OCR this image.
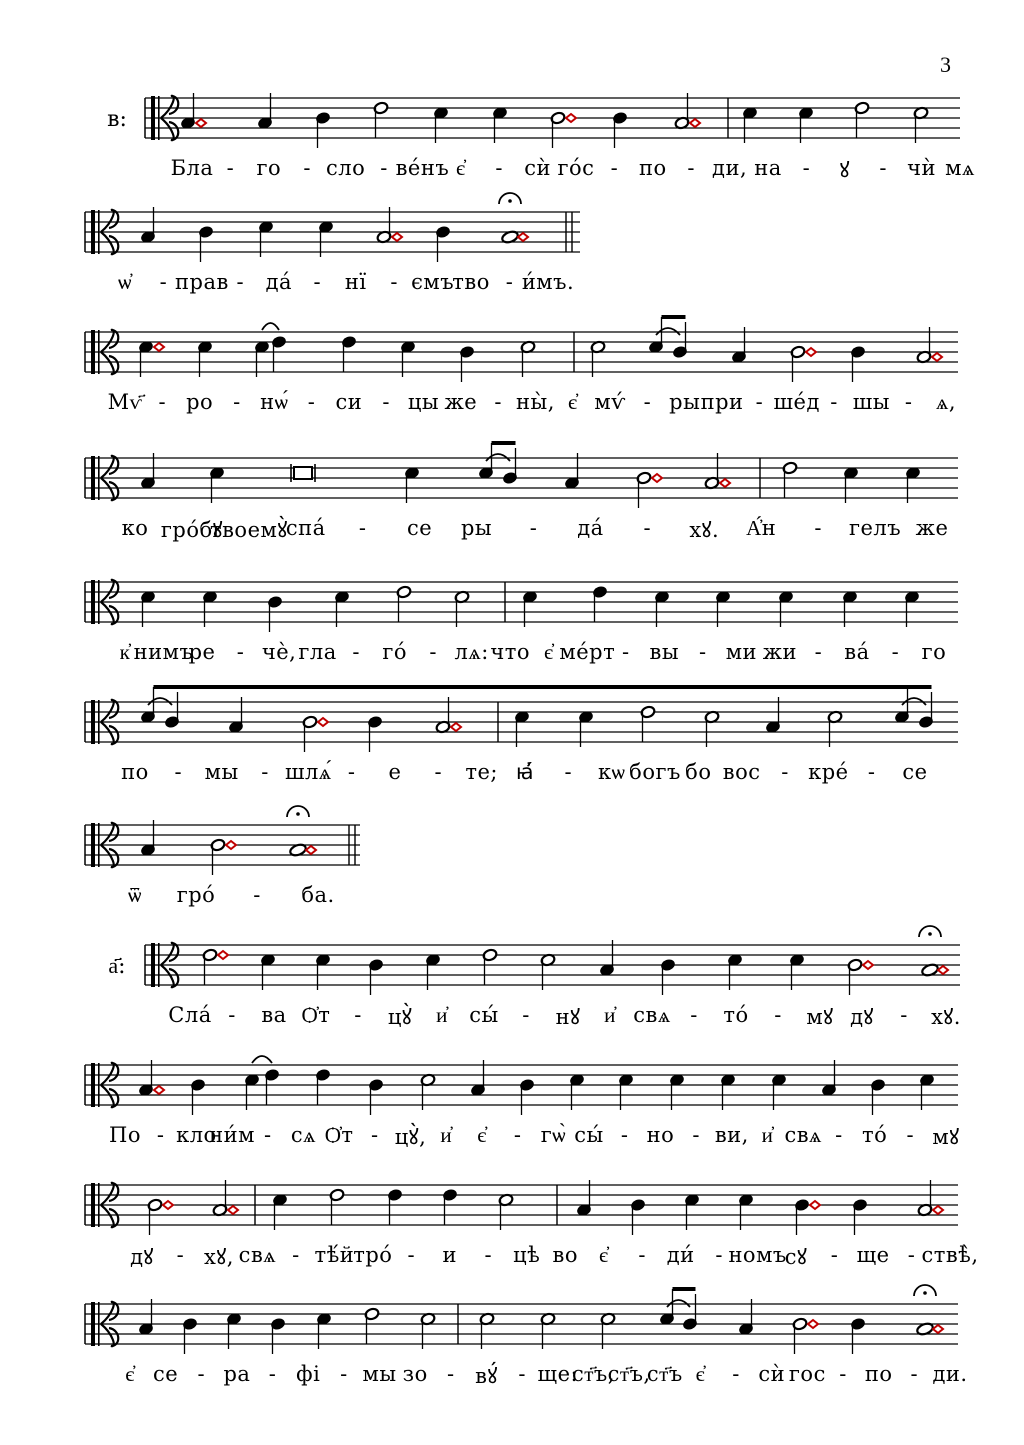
3
в:
а҃:
Бла - го - сло - ве́нъ є҆ - сѝ го́с - по - ди, на - ꙋ - чѝ мѧ
ѡ҆ - прав - да́ - нї - ємъ
тво - и́мъ.
Мѵ҃ - ро - нѡ́ - си - цы же - ны̀, є҆ мѵ́ - ры при - ше́д - шы - ѧ,
ко гро́бꙋ
твоемꙋ̀
спа́ - се ры - да́ - хꙋ. А҆́н - гелъ же
к҆ нимъ
ре - чѐ, гла - го́ - лѧ: что є҆ ме́рт - вы - ми жи - ва́ - го
по - мы - шлѧ́ - е - те; ꙗ҆́ - кѡ богъ бо вос - кре́ - се
ѿ гро́ - ба.
Сла́ - ва Ѻ҆т - цꙋ̀ и҆ сы́ - нꙋ и҆ свѧ - то́ - мꙋ дꙋ - хꙋ.
По - кло
ни́м - сѧ Ѻ҆т - цꙋ̀, и҆ є҆ - гѡ̀ сы́ - но - ви, и҆ свѧ - то́ - мꙋ
дꙋ - хꙋ, свѧ - тѣ́й
тро́ - и - цѣ во є҆ - ди́ - номъ
сꙋ - ще - ствѣ̀,
є҆ се - ра - фі - мы зо - вꙋ́ - ще:
ст҃ъ,
ст҃ъ,
ст҃ъ є҆ - сѝ гос - по - ди.
